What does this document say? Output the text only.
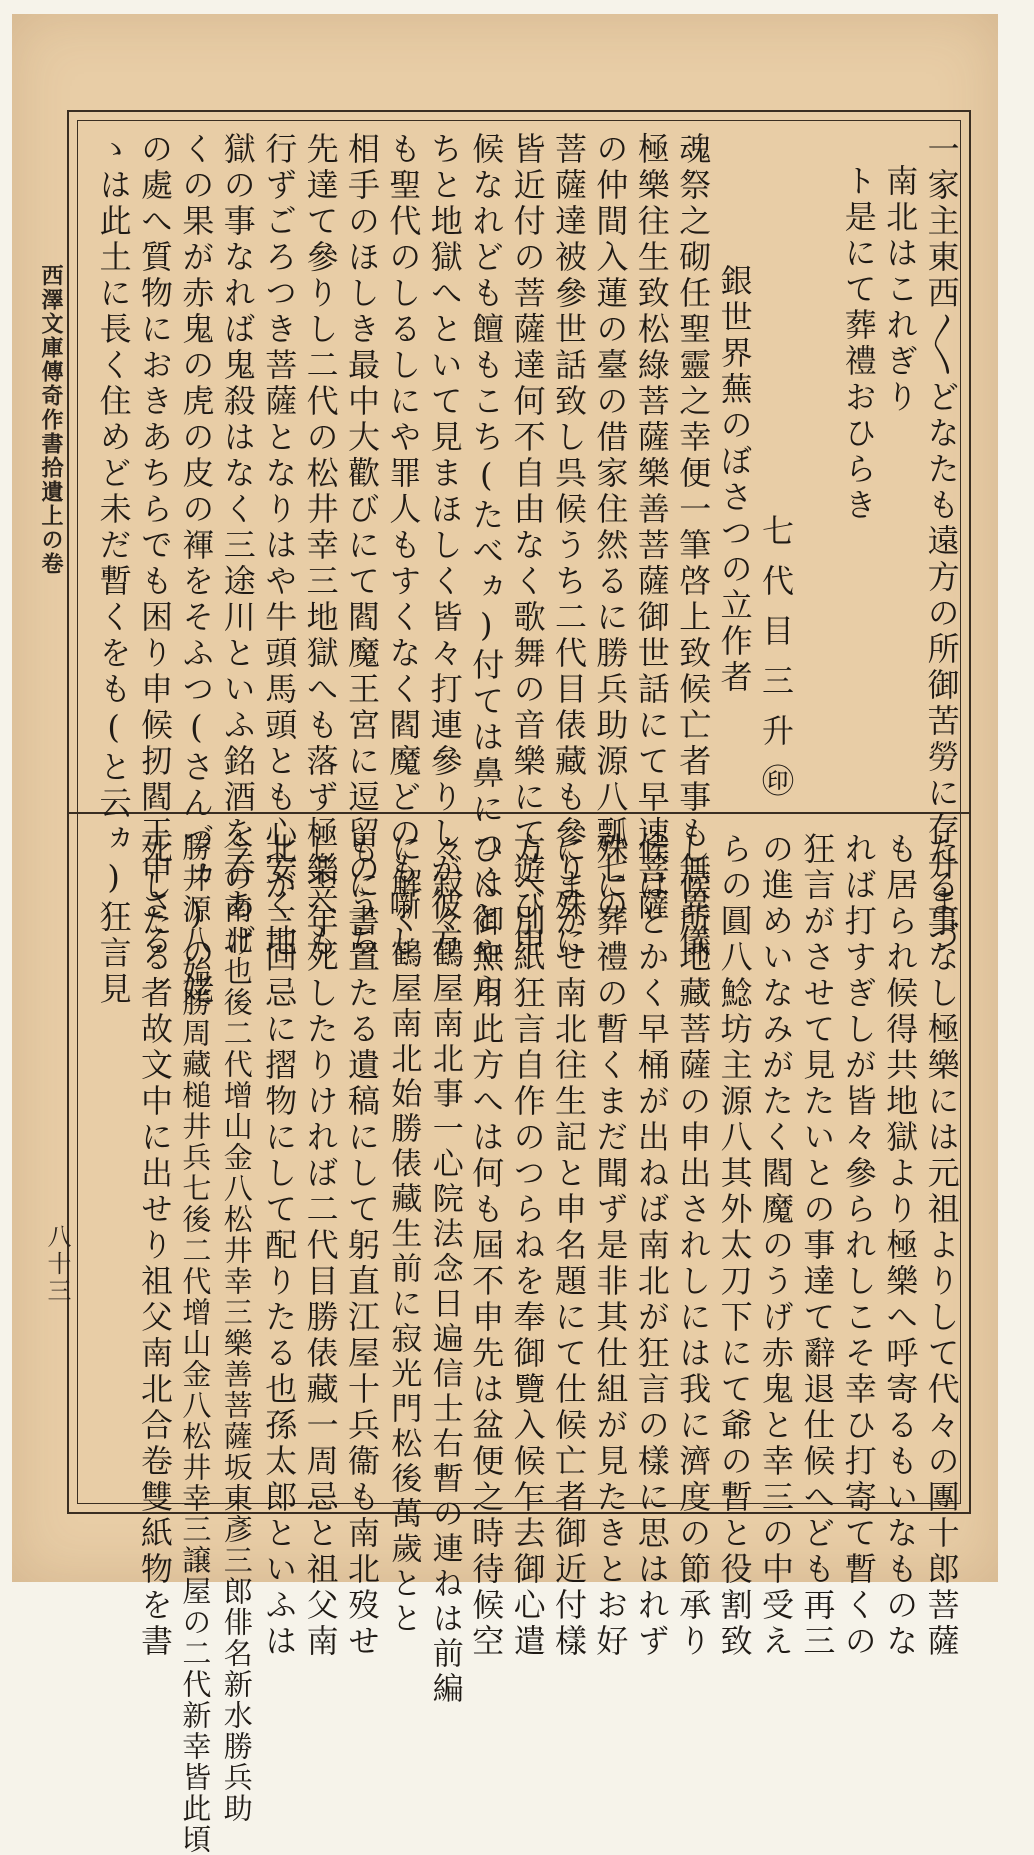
一家主東西〳〵どなたも遠方の所御苦勞に存升まづ
南北はこれぎり
ト是にて葬禮おひらき
七代目三升㊞
銀世界蕪のぼさつの立作者
魂祭之砌任聖靈之幸便一筆啓上致候亡者事も無異儀
極樂往生致松綠菩薩樂善菩薩御世話にて早速菩薩
の仲間入蓮の臺の借家住然るに勝兵助源八瓢七の
菩薩達被參世話致し呉候うち二代目俵藏も參り殊に
皆近付の菩薩達何不自由なく歌舞の音樂にて遊び申
候なれども饘もこち(たべヵ)付ては鼻につくとやら
ちと地獄へといて見まほしく皆々打連參りしが彼方
も聖代のしるしにや罪人もすくなく閻魔どのも噺し
相手のほしき最中大歡びにて閻魔王宮に逗留のうち
先達て參りし二代の松井幸三地獄へも落ず極樂へも
行ずごろつき菩薩となりはや牛頭馬頭とも心安く地
獄の事なれば鬼殺はなく三途川といふ銘酒を吞あげ
くの果が赤鬼の虎の皮の褌をそふつ(さんづヵ)の姥
の處へ質物におきあちらでも困り申候扨閻王申さる
ゝは此土に長く住めど未だ暫くをも(と云ヵ)狂言見
たる事なし極樂には元祖よりして代々の團十郎菩薩
も居られ候得共地獄より極樂へ呼寄るもいなものな
れば打すぎしが皆々參られしこそ幸ひ打寄て暫くの
狂言がさせて見たいとの事達て辭退仕候へども再三
の進めいなみがたく閻魔のうげ赤鬼と幸三の中受え
らの圓八鯰坊主源八其外太刀下にて爺の暫と役割致
し候所地藏菩薩の申出されしには我に濟度の節承り
候はとかく早桶が出ねば南北が狂言の樣に思はれず
殊に葬禮の暫くまだ聞ず是非其仕組が見たきとお好
にまかせ南北往生記と申名題にて仕候亡者御近付樣
方へ別紙狂言自作のつらねを奉御覽入候乍去御心遣
ひは御無用此方へは何も屆不申先は盆便之時待候空
々寂々鶴屋南北事一心院法念日遍信士右暫の連ねは前編
に解く鶴屋南北始勝俵藏生前に寂光門松後萬歲とと
もに書置たる遺稿にして躬直江屋十兵衞も南北歿せ
し翌年死したりければ二代目勝俵藏一周忌と祖父南
北が三回忌に摺物にして配りたる也孫太郎といふは
今の南北也後二代增山金八松井幸三樂善菩薩坂東彥三郎俳名新水勝兵助
勝井源八始勝周藏槌井兵七後二代增山金八松井幸三譲屋の二代新幸皆此頃
死したる者故文中に出せり祖父南北合卷雙紙物を書
西澤文庫傳奇作書拾遺上の卷
八十三
